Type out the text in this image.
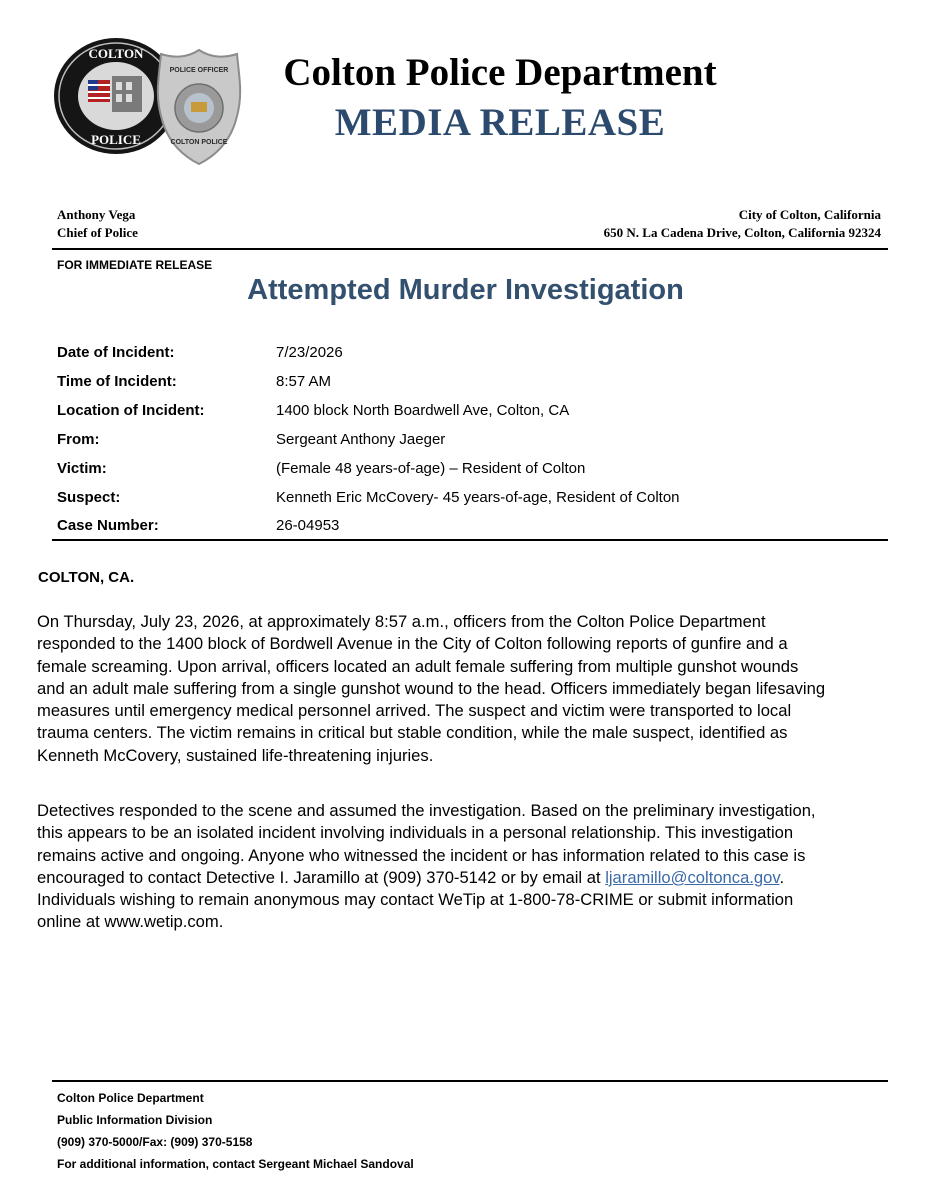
COLTON
POLICE
POLICE OFFICER
COLTON POLICE
Colton Police Department
MEDIA RELEASE
Anthony Vega
Chief of Police
City of Colton, California
650 N. La Cadena Drive, Colton, California 92324
FOR IMMEDIATE RELEASE
Attempted Murder Investigation
Date of Incident:	7/23/2026
Time of Incident:	8:57 AM
Location of Incident:	1400 block North Boardwell Ave, Colton, CA
From:	Sergeant Anthony Jaeger
Victim:	(Female 48 years-of-age) – Resident of Colton
Suspect:	Kenneth Eric McCovery- 45 years-of-age, Resident of Colton
Case Number:	26-04953
COLTON, CA.

On Thursday, July 23, 2026, at approximately 8:57 a.m., officers from the Colton Police Department responded to the 1400 block of Bordwell Avenue in the City of Colton following reports of gunfire and a female screaming. Upon arrival, officers located an adult female suffering from multiple gunshot wounds and an adult male suffering from a single gunshot wound to the head. Officers immediately began lifesaving measures until emergency medical personnel arrived. The suspect and victim were transported to local trauma centers. The victim remains in critical but stable condition, while the male suspect, identified as Kenneth McCovery, sustained life-threatening injuries.

Detectives responded to the scene and assumed the investigation. Based on the preliminary investigation, this appears to be an isolated incident involving individuals in a personal relationship. This investigation remains active and ongoing. Anyone who witnessed the incident or has information related to this case is encouraged to contact Detective I. Jaramillo at (909) 370-5142 or by email at ljaramillo@coltonca.gov. Individuals wishing to remain anonymous may contact WeTip at 1-800-78-CRIME or submit information online at www.wetip.com.

Colton Police Department
Public Information Division
(909) 370-5000/Fax: (909) 370-5158
For additional information, contact Sergeant Michael Sandoval
